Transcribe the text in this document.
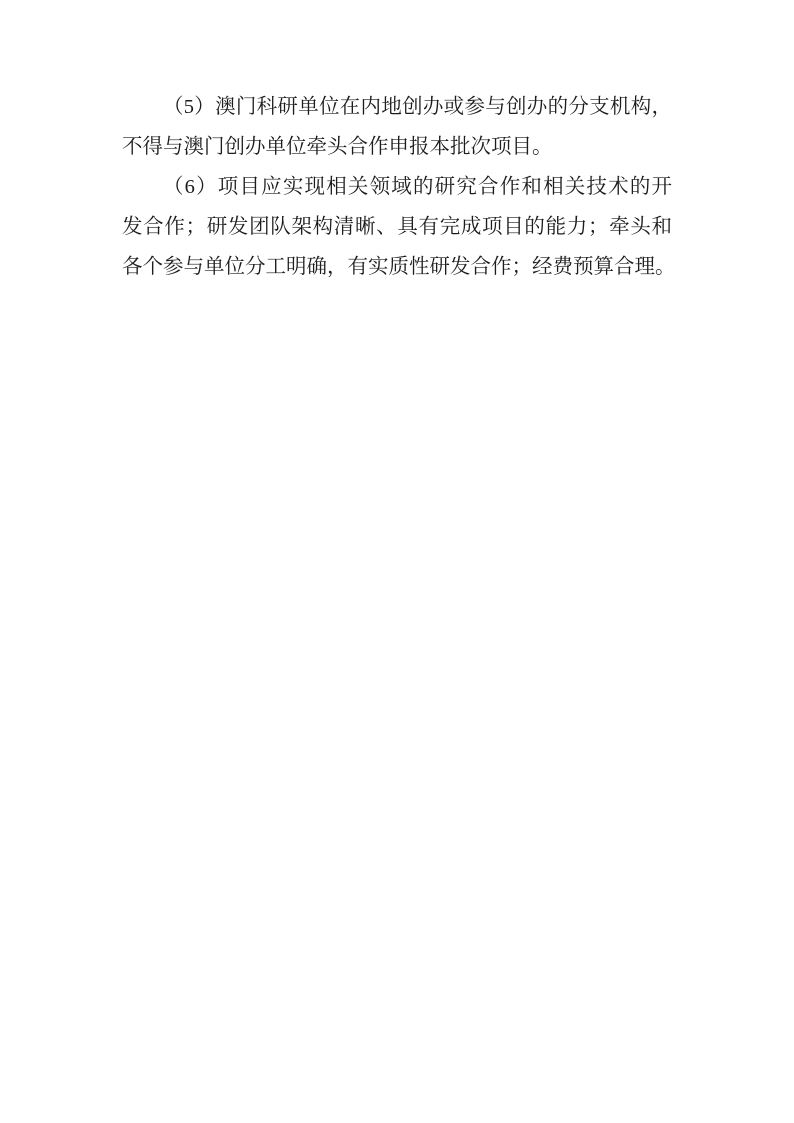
（5）澳门科研单位在内地创办或参与创办的分支机构，
不得与澳门创办单位牵头合作申报本批次项目。
（6）项目应实现相关领域的研究合作和相关技术的开
发合作；研发团队架构清晰、具有完成项目的能力；牵头和
各个参与单位分工明确，有实质性研发合作；经费预算合理。
